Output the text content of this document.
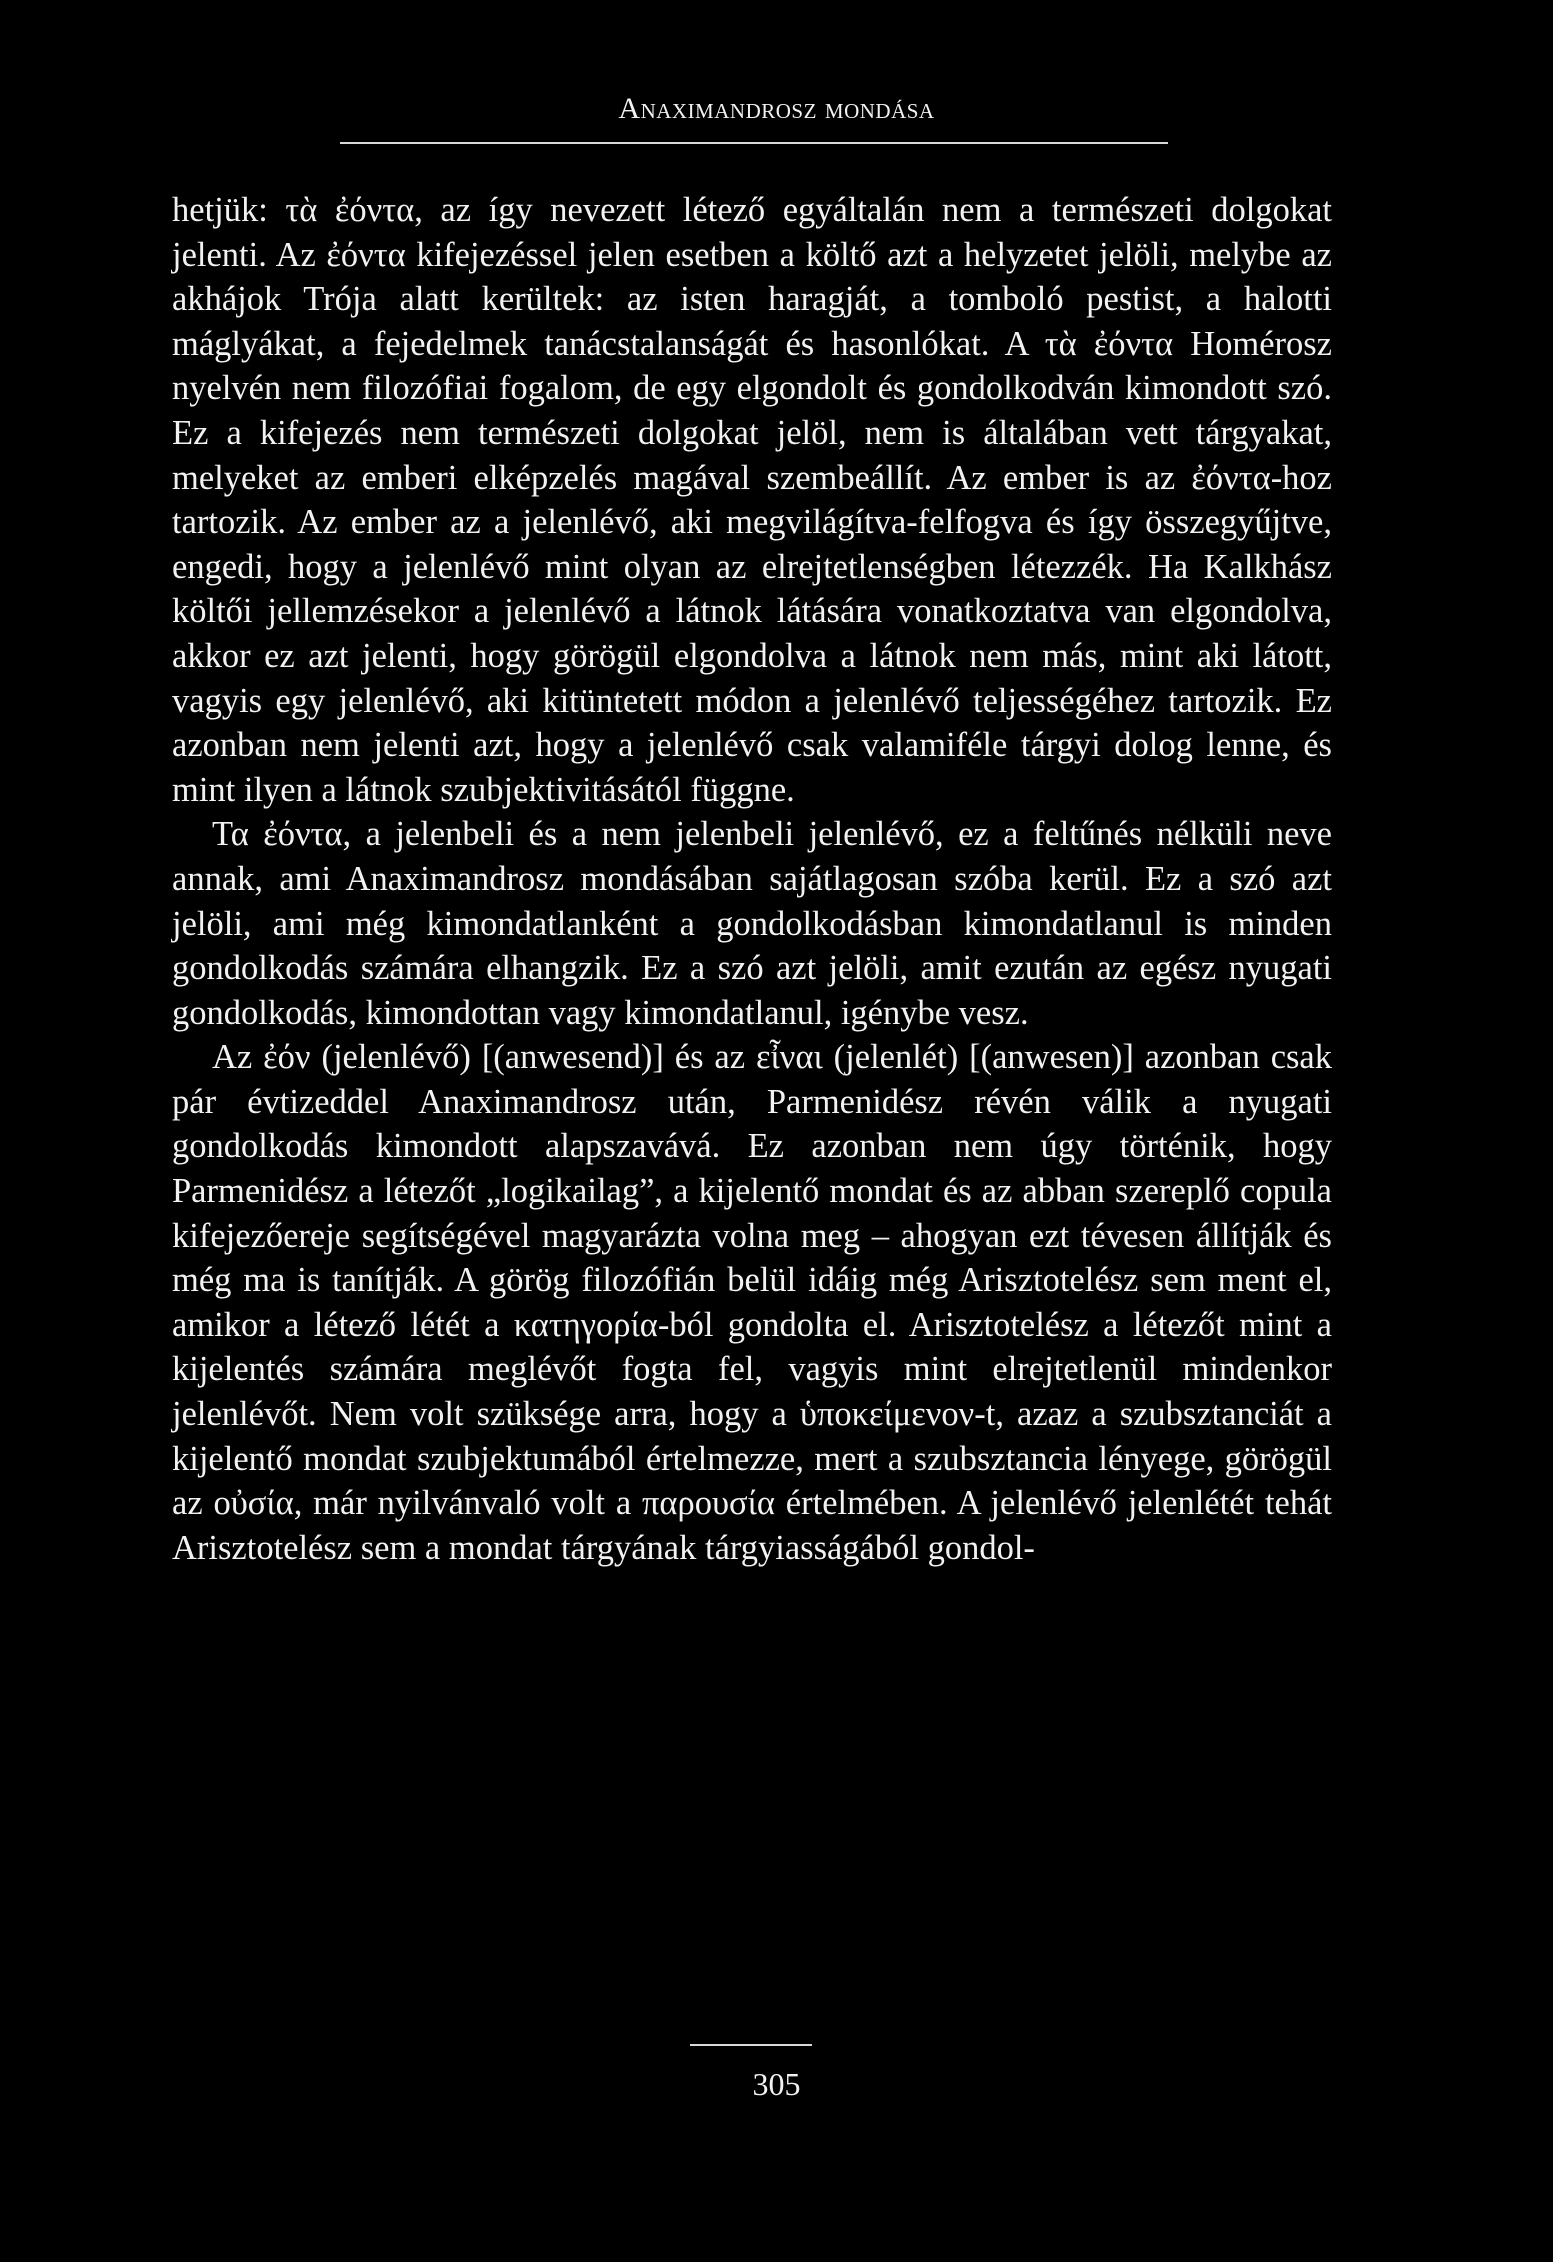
Anaximandrosz mondása

hetjük: τὰ ἐόντα, az így nevezett létező egyáltalán nem a természeti dolgokat jelenti. Az ἐόντα kifejezéssel jelen esetben a költő azt a helyzetet jelöli, melybe az akhájok Trója alatt kerültek: az isten haragját, a tomboló pestist, a halotti máglyákat, a fejedelmek tanácstalanságát és hasonlókat. A τὰ ἐόντα Homérosz nyelvén nem filozófiai fogalom, de egy elgondolt és gondolkodván kimondott szó. Ez a kifejezés nem természeti dolgokat jelöl, nem is általában vett tárgyakat, melyeket az emberi elképzelés magával szembeállít. Az ember is az ἐόντα-hoz tartozik. Az ember az a jelenlévő, aki megvilágítva-felfogva és így összegyűjtve, engedi, hogy a jelenlévő mint olyan az elrejtetlenségben létezzék. Ha Kalkhász költői jellemzésekor a jelenlévő a látnok látására vonatkoztatva van elgondolva, akkor ez azt jelenti, hogy görögül elgondolva a látnok nem más, mint aki látott, vagyis egy jelenlévő, aki kitüntetett módon a jelenlévő teljességéhez tartozik. Ez azonban nem jelenti azt, hogy a jelenlévő csak valamiféle tárgyi dolog lenne, és mint ilyen a látnok szubjektivitásától függne.

Τα ἐόντα, a jelenbeli és a nem jelenbeli jelenlévő, ez a feltűnés nélküli neve annak, ami Anaximandrosz mondásában sajátlagosan szóba kerül. Ez a szó azt jelöli, ami még kimondatlanként a gondolkodásban kimondatlanul is minden gondolkodás számára elhangzik. Ez a szó azt jelöli, amit ezután az egész nyugati gondolkodás, kimondottan vagy kimondatlanul, igénybe vesz.

Az ἐόν (jelenlévő) [(anwesend)] és az εἶναι (jelenlét) [(anwesen)] azonban csak pár évtizeddel Anaximandrosz után, Parmenidész révén válik a nyugati gondolkodás kimondott alapszavává. Ez azonban nem úgy történik, hogy Parmenidész a létezőt „logikailag”, a kijelentő mondat és az abban szereplő copula kifejezőereje segítségével magyarázta volna meg – ahogyan ezt tévesen állítják és még ma is tanítják. A görög filozófián belül idáig még Arisztotelész sem ment el, amikor a létező létét a κατηγορία-ból gondolta el. Arisztotelész a létezőt mint a kijelentés számára meglévőt fogta fel, vagyis mint elrejtetlenül mindenkor jelenlévőt. Nem volt szüksége arra, hogy a ὑποκείμενον-t, azaz a szubsztanciát a kijelentő mondat szubjektumából értelmezze, mert a szubsztancia lényege, görögül az οὐσία, már nyilvánvaló volt a παρουσία értelmében. A jelenlévő jelenlétét tehát Arisztotelész sem a mondat tárgyának tárgyiasságából gondol-

305
